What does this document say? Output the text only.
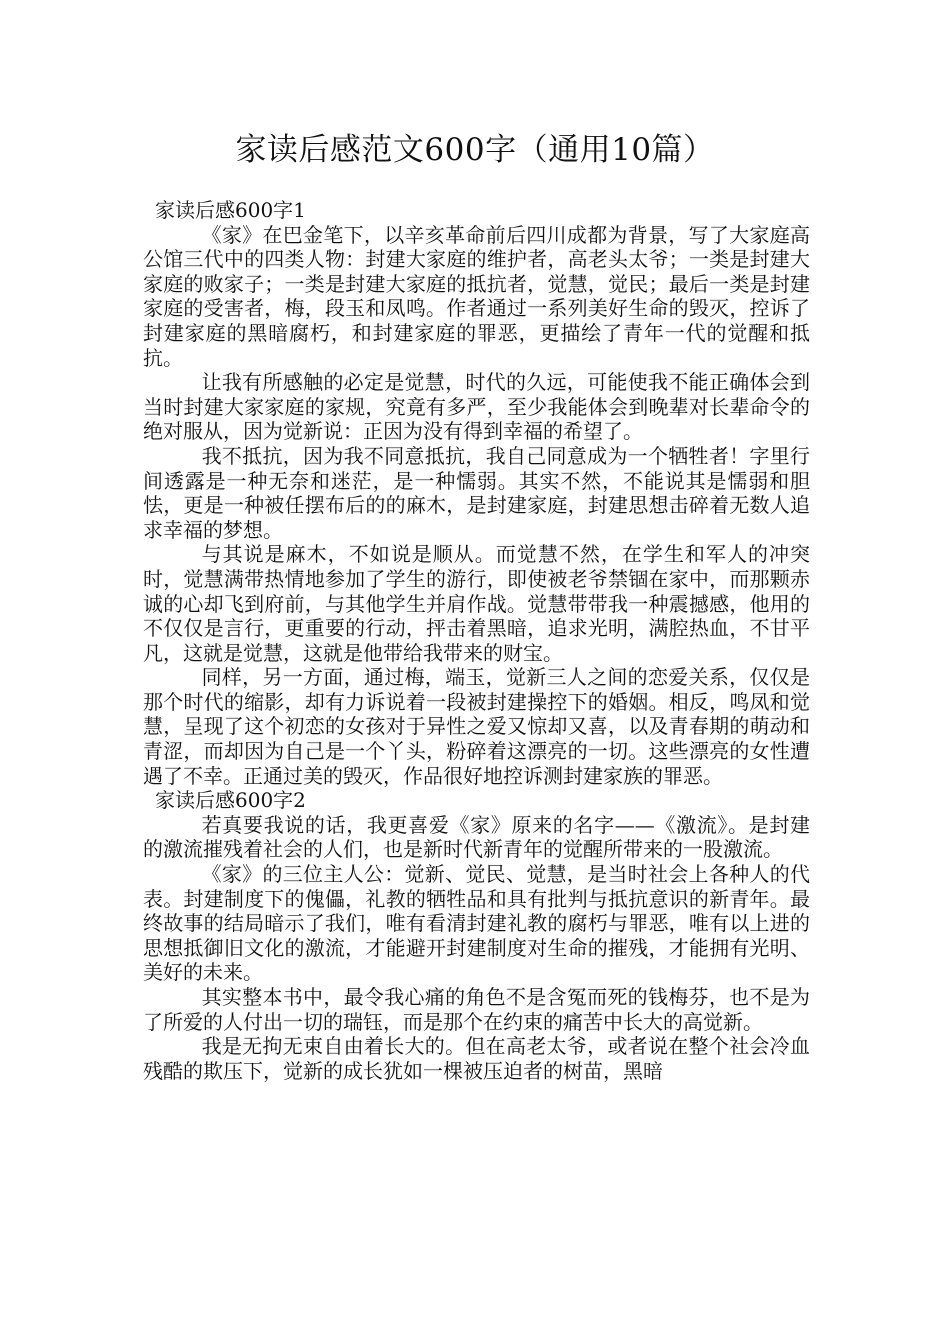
家读后感范文600字（通用10篇）

家读后感600字1

《家》在巴金笔下，以辛亥革命前后四川成都为背景，写了大家庭高公馆三代中的四类人物：封建大家庭的维护者，高老头太爷；一类是封建大家庭的败家子；一类是封建大家庭的抵抗者，觉慧，觉民；最后一类是封建家庭的受害者，梅，段玉和凤鸣。作者通过一系列美好生命的毁灭，控诉了封建家庭的黑暗腐朽，和封建家庭的罪恶，更描绘了青年一代的觉醒和抵抗。

让我有所感触的必定是觉慧，时代的久远，可能使我不能正确体会到当时封建大家家庭的家规，究竟有多严，至少我能体会到晚辈对长辈命令的绝对服从，因为觉新说：正因为没有得到幸福的希望了。

我不抵抗，因为我不同意抵抗，我自己同意成为一个牺牲者！字里行间透露是一种无奈和迷茫，是一种懦弱。其实不然，不能说其是懦弱和胆怯，更是一种被任摆布后的的麻木，是封建家庭，封建思想击碎着无数人追求幸福的梦想。

与其说是麻木，不如说是顺从。而觉慧不然，在学生和军人的冲突时，觉慧满带热情地参加了学生的游行，即使被老爷禁锢在家中，而那颗赤诚的心却飞到府前，与其他学生并肩作战。觉慧带带我一种震撼感，他用的不仅仅是言行，更重要的行动，抨击着黑暗，追求光明，满腔热血，不甘平凡，这就是觉慧，这就是他带给我带来的财宝。

同样，另一方面，通过梅，端玉，觉新三人之间的恋爱关系，仅仅是那个时代的缩影，却有力诉说着一段被封建操控下的婚姻。相反，鸣凤和觉慧，呈现了这个初恋的女孩对于异性之爱又惊却又喜，以及青春期的萌动和青涩，而却因为自己是一个丫头，粉碎着这漂亮的一切。这些漂亮的女性遭遇了不幸。正通过美的毁灭，作品很好地控诉测封建家族的罪恶。

家读后感600字2

若真要我说的话，我更喜爱《家》原来的名字——《激流》。是封建的激流摧残着社会的人们，也是新时代新青年的觉醒所带来的一股激流。

《家》的三位主人公：觉新、觉民、觉慧，是当时社会上各种人的代表。封建制度下的傀儡，礼教的牺牲品和具有批判与抵抗意识的新青年。最终故事的结局暗示了我们，唯有看清封建礼教的腐朽与罪恶，唯有以上进的思想抵御旧文化的激流，才能避开封建制度对生命的摧残，才能拥有光明、美好的未来。

其实整本书中，最令我心痛的角色不是含冤而死的钱梅芬，也不是为了所爱的人付出一切的瑞钰，而是那个在约束的痛苦中长大的高觉新。

我是无拘无束自由着长大的。但在高老太爷，或者说在整个社会冷血残酷的欺压下，觉新的成长犹如一棵被压迫者的树苗，黑暗
